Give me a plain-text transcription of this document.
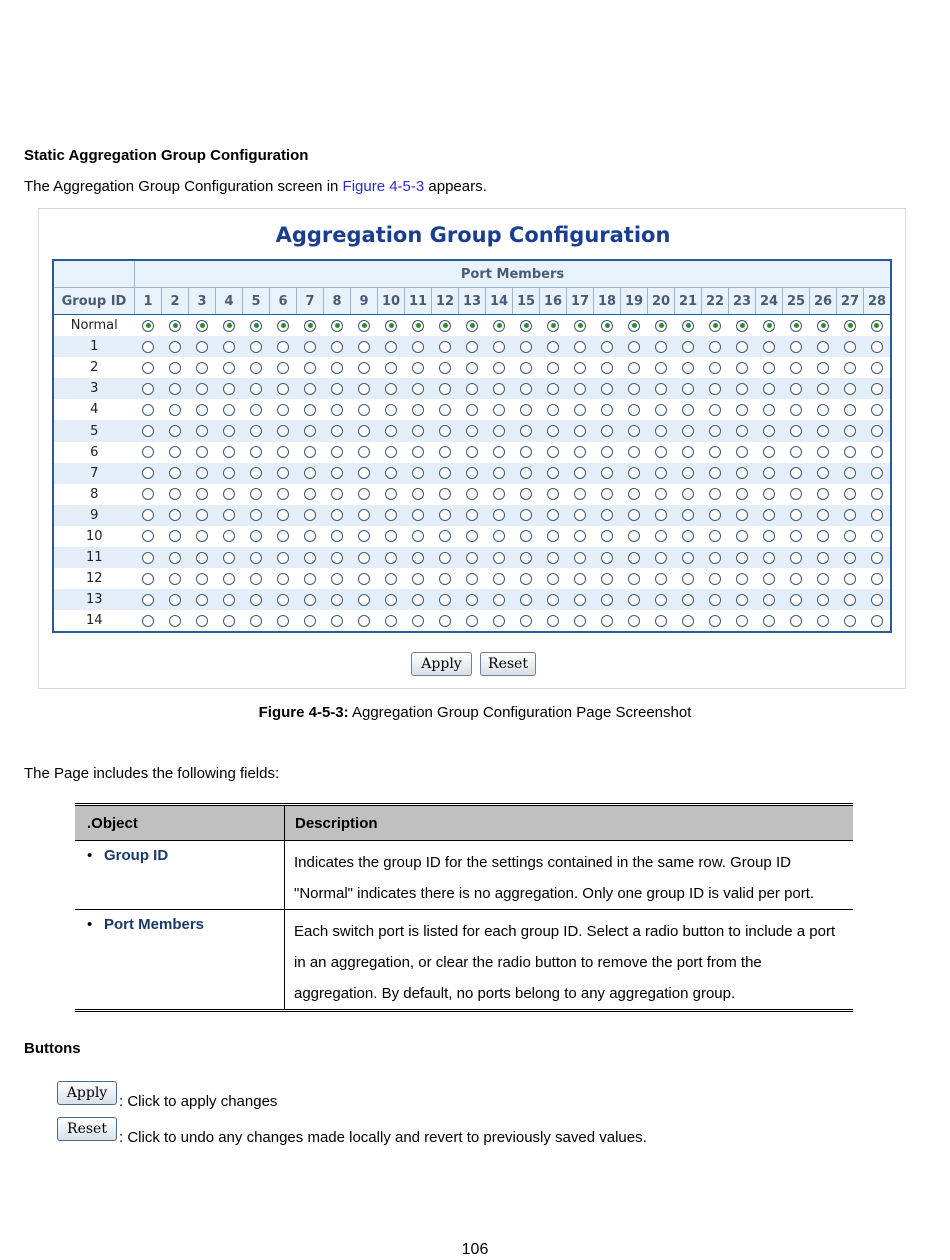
Static Aggregation Group Configuration
The Aggregation Group Configuration screen in Figure 4-5-3 appears.
Aggregation Group Configuration
	Port Members																											
Group ID	1	2	3	4	5	6	7	8	9	10	11	12	13	14	15	16	17	18	19	20	21	22	23	24	25	26	27	28
Normal																												
1																												
2																												
3																												
4																												
5																												
6																												
7																												
8																												
9																												
10																												
11																												
12																												
13																												
14																												
Apply	Reset
Figure 4-5-3: Aggregation Group Configuration Page Screenshot
The Page includes the following fields:
.Object	Description
• Group ID	Indicates the group ID for the settings contained in the same row. Group ID "Normal" indicates there is no aggregation. Only one group ID is valid per port.
• Port Members	Each switch port is listed for each group ID. Select a radio button to include a port in an aggregation, or clear the radio button to remove the port from the aggregation. By default, no ports belong to any aggregation group.
Buttons
Apply : Click to apply changes
Reset : Click to undo any changes made locally and revert to previously saved values.
106
